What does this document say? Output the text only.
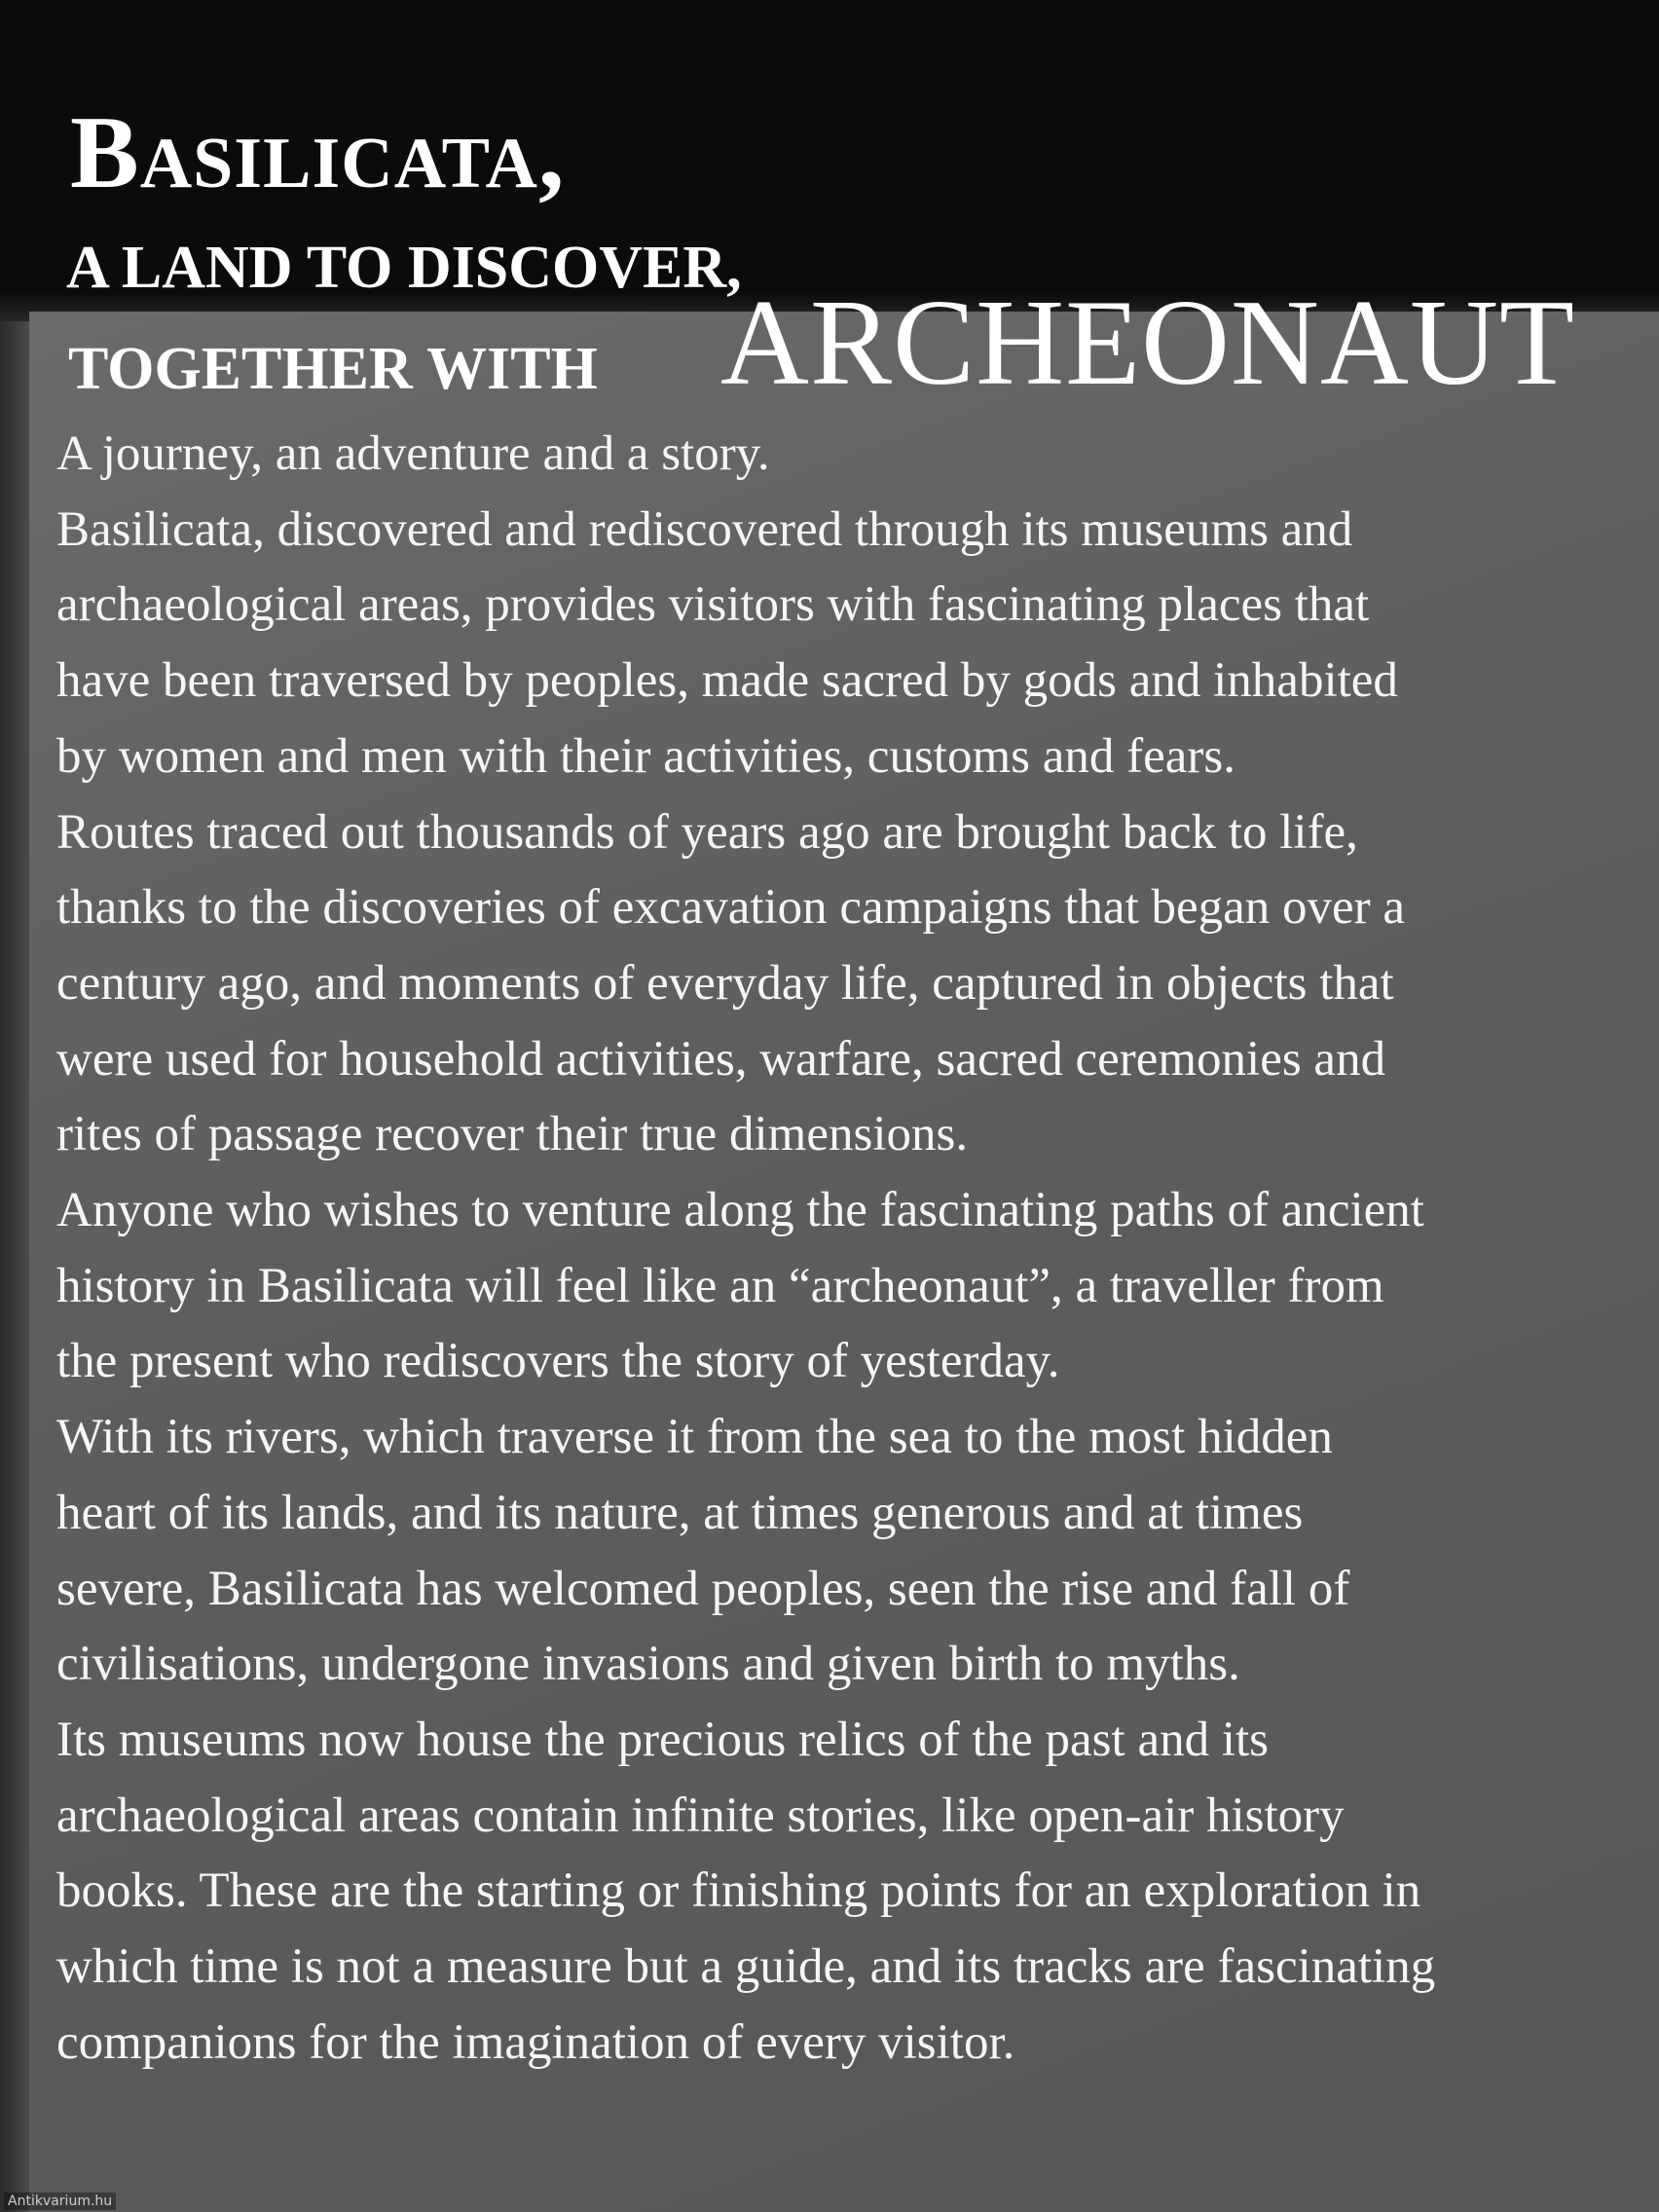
Basilicata,
A LAND TO DISCOVER,
TOGETHER WITH ARCHEONAUT
A journey, an adventure and a story.
Basilicata, discovered and rediscovered through its museums and
archaeological areas, provides visitors with fascinating places that
have been traversed by peoples, made sacred by gods and inhabited
by women and men with their activities, customs and fears.
Routes traced out thousands of years ago are brought back to life,
thanks to the discoveries of excavation campaigns that began over a
century ago, and moments of everyday life, captured in objects that
were used for household activities, warfare, sacred ceremonies and
rites of passage recover their true dimensions.
Anyone who wishes to venture along the fascinating paths of ancient
history in Basilicata will feel like an “archeonaut”, a traveller from
the present who rediscovers the story of yesterday.
With its rivers, which traverse it from the sea to the most hidden
heart of its lands, and its nature, at times generous and at times
severe, Basilicata has welcomed peoples, seen the rise and fall of
civilisations, undergone invasions and given birth to myths.
Its museums now house the precious relics of the past and its
archaeological areas contain infinite stories, like open-air history
books. These are the starting or finishing points for an exploration in
which time is not a measure but a guide, and its tracks are fascinating
companions for the imagination of every visitor.
Antikvarium.hu
